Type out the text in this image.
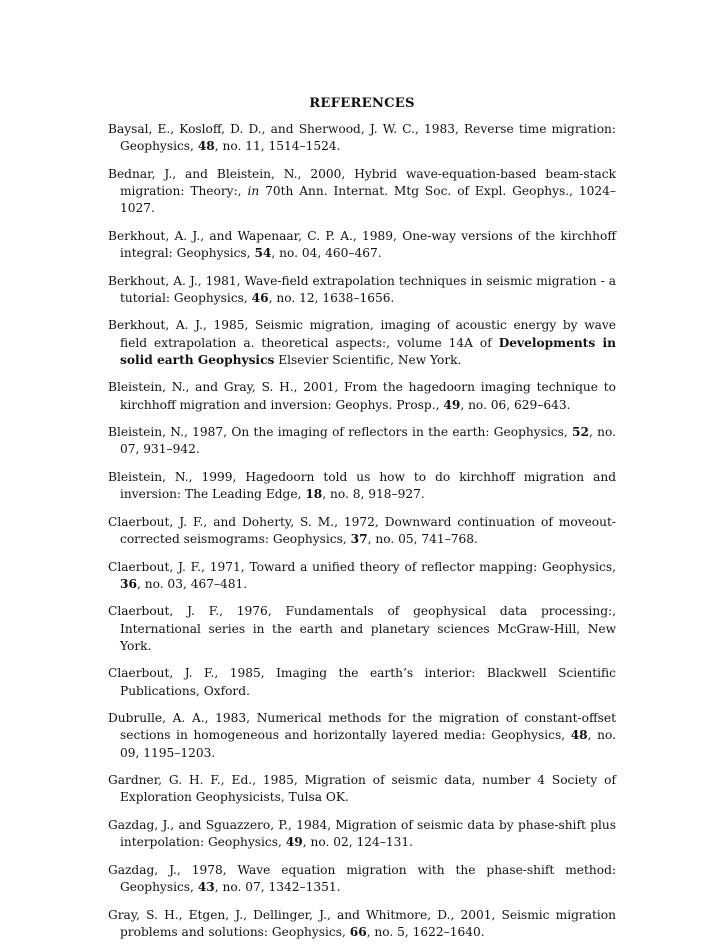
REFERENCES
Baysal, E., Kosloff, D. D., and Sherwood, J. W. C., 1983, Reverse time migration: Geophysics, 48, no. 11, 1514–1524.
Bednar, J., and Bleistein, N., 2000, Hybrid wave-equation-based beam-stack migration: Theory:, in 70th Ann. Internat. Mtg Soc. of Expl. Geophys., 1024–1027.
Berkhout, A. J., and Wapenaar, C. P. A., 1989, One-way versions of the kirchhoff integral: Geophysics, 54, no. 04, 460–467.
Berkhout, A. J., 1981, Wave-field extrapolation techniques in seismic migration - a tutorial: Geophysics, 46, no. 12, 1638–1656.
Berkhout, A. J., 1985, Seismic migration, imaging of acoustic energy by wave field extrapolation a. theoretical aspects:, volume 14A of Developments in solid earth Geophysics Elsevier Scientific, New York.
Bleistein, N., and Gray, S. H., 2001, From the hagedoorn imaging technique to kirchhoff migration and inversion: Geophys. Prosp., 49, no. 06, 629–643.
Bleistein, N., 1987, On the imaging of reflectors in the earth: Geophysics, 52, no. 07, 931–942.
Bleistein, N., 1999, Hagedoorn told us how to do kirchhoff migration and inversion: The Leading Edge, 18, no. 8, 918–927.
Claerbout, J. F., and Doherty, S. M., 1972, Downward continuation of moveout-corrected seismograms: Geophysics, 37, no. 05, 741–768.
Claerbout, J. F., 1971, Toward a unified theory of reflector mapping: Geophysics, 36, no. 03, 467–481.
Claerbout, J. F., 1976, Fundamentals of geophysical data processing:, International series in the earth and planetary sciences McGraw-Hill, New York.
Claerbout, J. F., 1985, Imaging the earth’s interior: Blackwell Scientific Publications, Oxford.
Dubrulle, A. A., 1983, Numerical methods for the migration of constant-offset sections in homogeneous and horizontally layered media: Geophysics, 48, no. 09, 1195–1203.
Gardner, G. H. F., Ed., 1985, Migration of seismic data, number 4 Society of Exploration Geophysicists, Tulsa OK.
Gazdag, J., and Sguazzero, P., 1984, Migration of seismic data by phase-shift plus interpolation: Geophysics, 49, no. 02, 124–131.
Gazdag, J., 1978, Wave equation migration with the phase-shift method: Geophysics, 43, no. 07, 1342–1351.
Gray, S. H., Etgen, J., Dellinger, J., and Whitmore, D., 2001, Seismic migration problems and solutions: Geophysics, 66, no. 5, 1622–1640.
